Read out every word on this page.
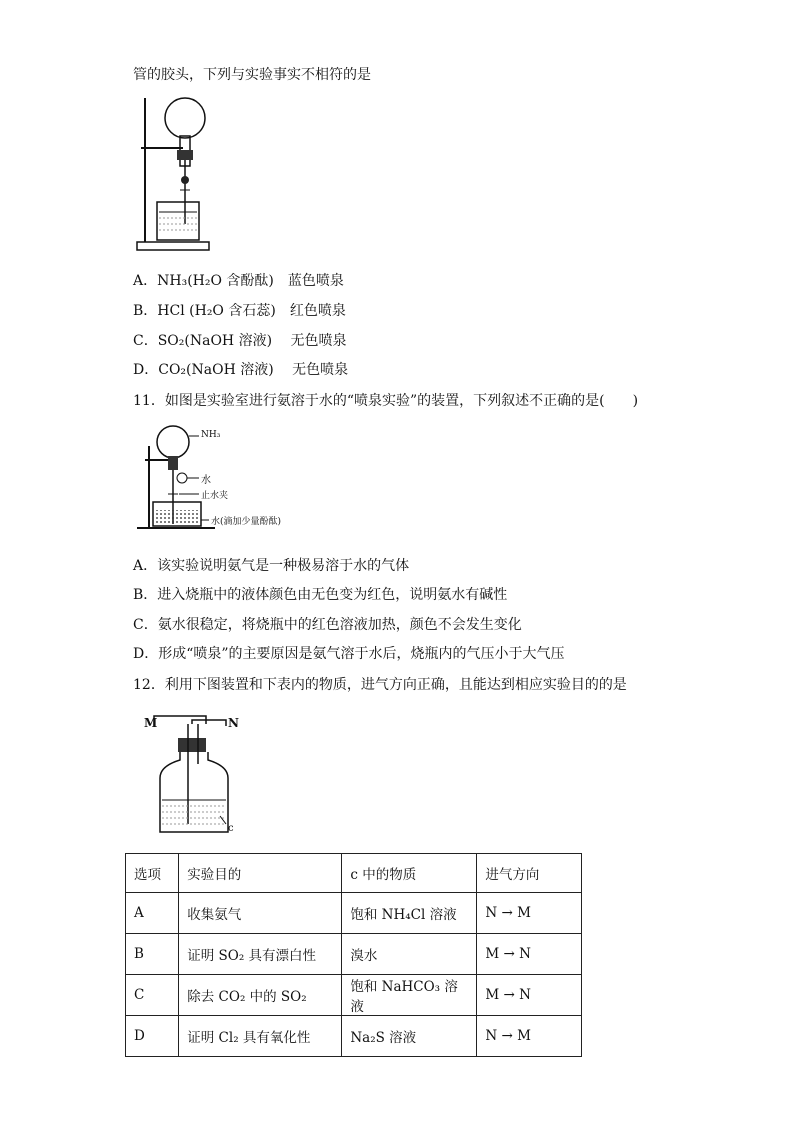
管的胶头，下列与实验事实不相符的是
A．NH₃(H₂O 含酚酞)　蓝色喷泉
B．HCl (H₂O 含石蕊)　红色喷泉
C．SO₂(NaOH 溶液)　 无色喷泉
D．CO₂(NaOH 溶液)　 无色喷泉
11．如图是实验室进行氨溶于水的“喷泉实验”的装置，下列叙述不正确的是(　　)
NH₃
水
止水夹
水(滴加少量酚酞)
A．该实验说明氨气是一种极易溶于水的气体
B．进入烧瓶中的液体颜色由无色变为红色，说明氨水有碱性
C．氨水很稳定，将烧瓶中的红色溶液加热，颜色不会发生变化
D．形成“喷泉”的主要原因是氨气溶于水后，烧瓶内的气压小于大气压
12．利用下图装置和下表内的物质，进气方向正确，且能达到相应实验目的的是
M	N
c
选项	实验目的	c 中的物质	进气方向
A	收集氨气	饱和 NH₄Cl 溶液	N → M
B	证明 SO₂ 具有漂白性	溴水	M → N
C	除去 CO₂ 中的 SO₂	饱和 NaHCO₃ 溶液	M → N
D	证明 Cl₂ 具有氧化性	Na₂S 溶液	N → M
